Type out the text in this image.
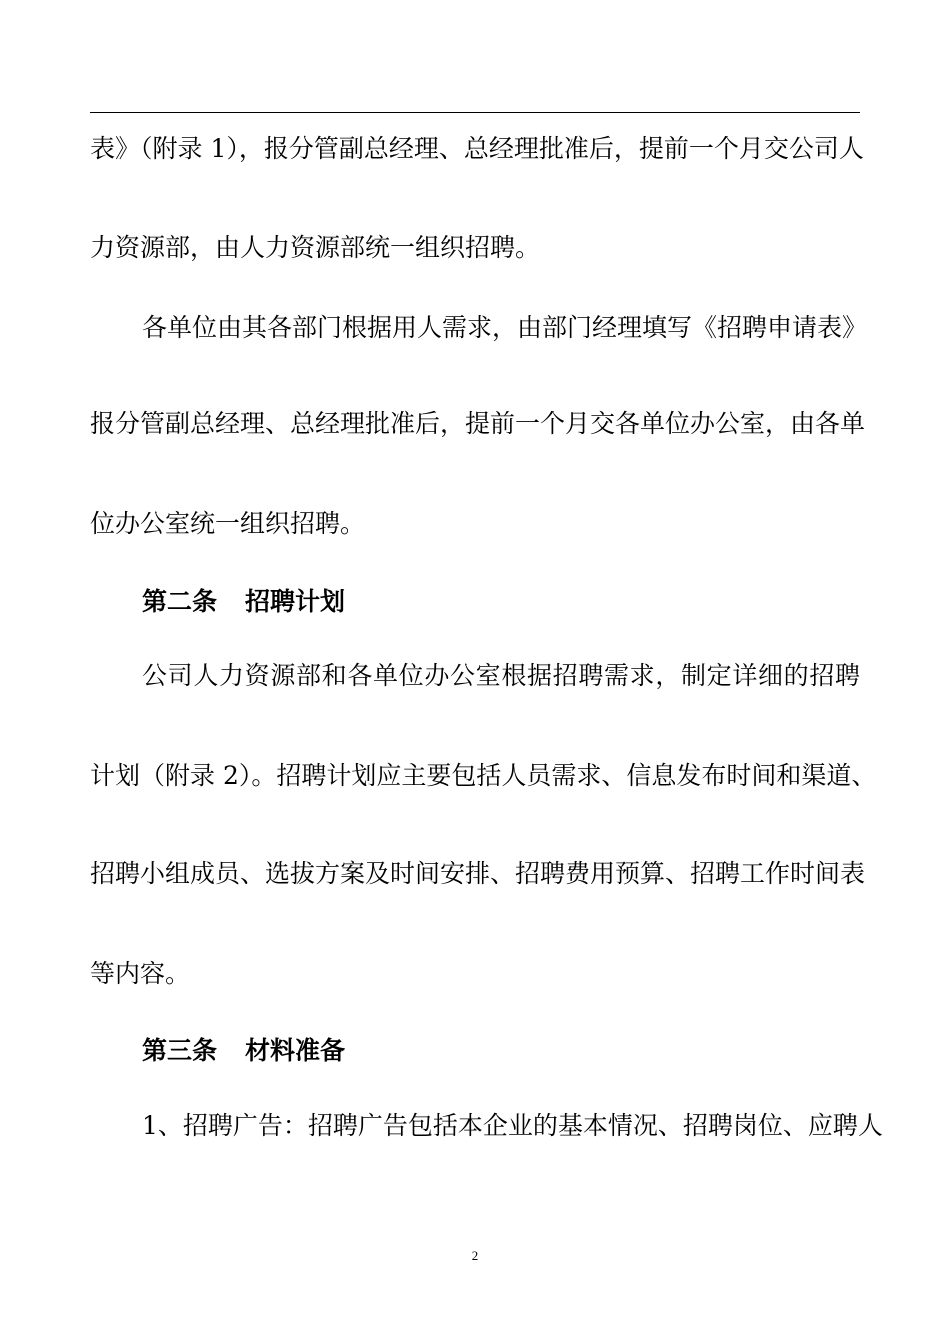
表》（附录 1），报分管副总经理、总经理批准后，提前一个月交公司人
力资源部，由人力资源部统一组织招聘。
各单位由其各部门根据用人需求，由部门经理填写《招聘申请表》
报分管副总经理、总经理批准后，提前一个月交各单位办公室，由各单
位办公室统一组织招聘。
第二条 招聘计划
公司人力资源部和各单位办公室根据招聘需求，制定详细的招聘
计划（附录 2）。招聘计划应主要包括人员需求、信息发布时间和渠道、
招聘小组成员、选拔方案及时间安排、招聘费用预算、招聘工作时间表
等内容。
第三条 材料准备
1、招聘广告：招聘广告包括本企业的基本情况、招聘岗位、应聘人
2
